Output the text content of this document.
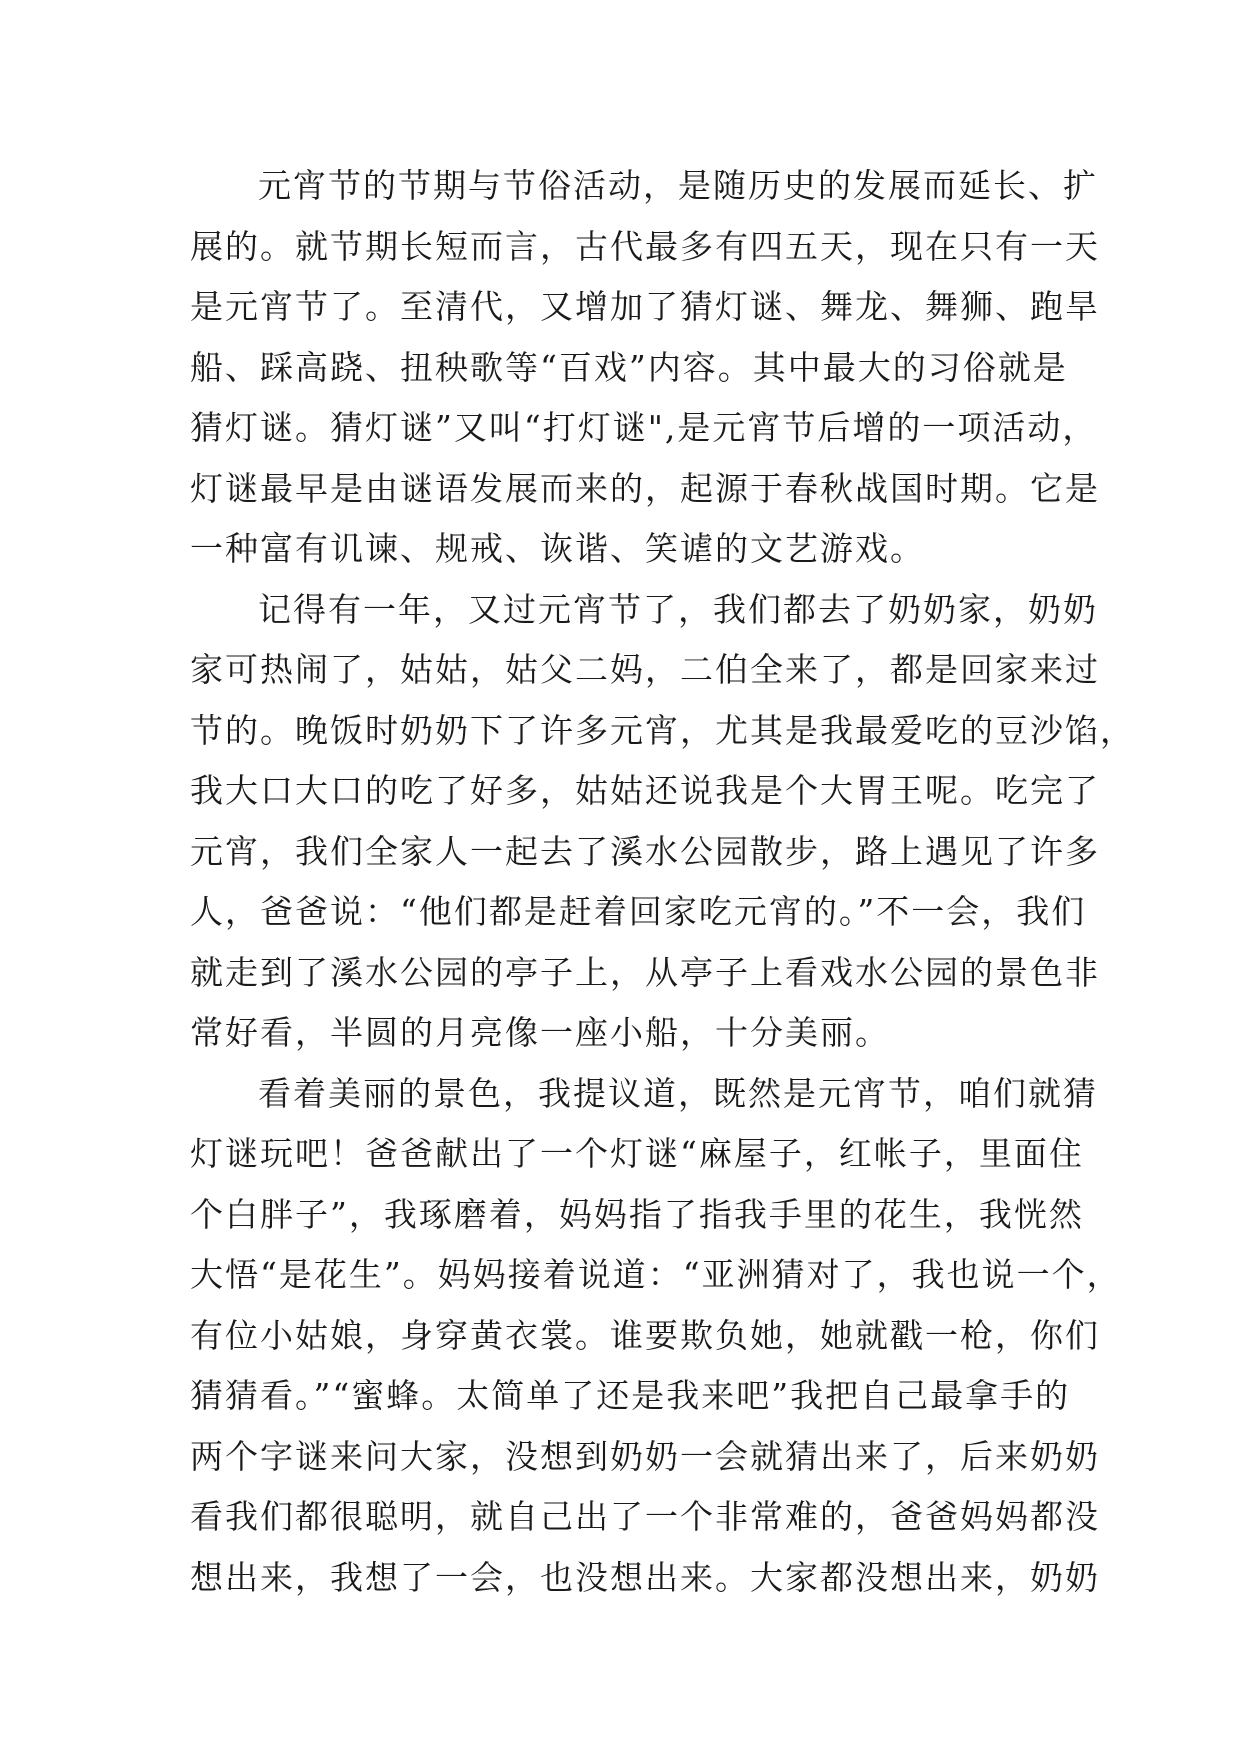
元宵节的节期与节俗活动，是随历史的发展而延长、扩
展的。就节期长短而言，古代最多有四五天，现在只有一天
是元宵节了。至清代，又增加了猜灯谜、舞龙、舞狮、跑旱
船、踩高跷、扭秧歌等“百戏”内容。其中最大的习俗就是
猜灯谜。猜灯谜”又叫“打灯谜",是元宵节后增的一项活动，
灯谜最早是由谜语发展而来的，起源于春秋战国时期。它是
一种富有讥谏、规戒、诙谐、笑谑的文艺游戏。
记得有一年，又过元宵节了，我们都去了奶奶家，奶奶
家可热闹了，姑姑，姑父二妈，二伯全来了，都是回家来过
节的。晚饭时奶奶下了许多元宵，尤其是我最爱吃的豆沙馅，
我大口大口的吃了好多，姑姑还说我是个大胃王呢。吃完了
元宵，我们全家人一起去了溪水公园散步，路上遇见了许多
人，爸爸说：“他们都是赶着回家吃元宵的。”不一会，我们
就走到了溪水公园的亭子上，从亭子上看戏水公园的景色非
常好看，半圆的月亮像一座小船，十分美丽。
看着美丽的景色，我提议道，既然是元宵节，咱们就猜
灯谜玩吧！爸爸献出了一个灯谜“麻屋子，红帐子，里面住
个白胖子”，我琢磨着，妈妈指了指我手里的花生，我恍然
大悟“是花生”。妈妈接着说道：“亚洲猜对了，我也说一个，
有位小姑娘，身穿黄衣裳。谁要欺负她，她就戳一枪，你们
猜猜看。”“蜜蜂。太简单了还是我来吧”我把自己最拿手的
两个字谜来问大家，没想到奶奶一会就猜出来了，后来奶奶
看我们都很聪明，就自己出了一个非常难的，爸爸妈妈都没
想出来，我想了一会，也没想出来。大家都没想出来，奶奶
